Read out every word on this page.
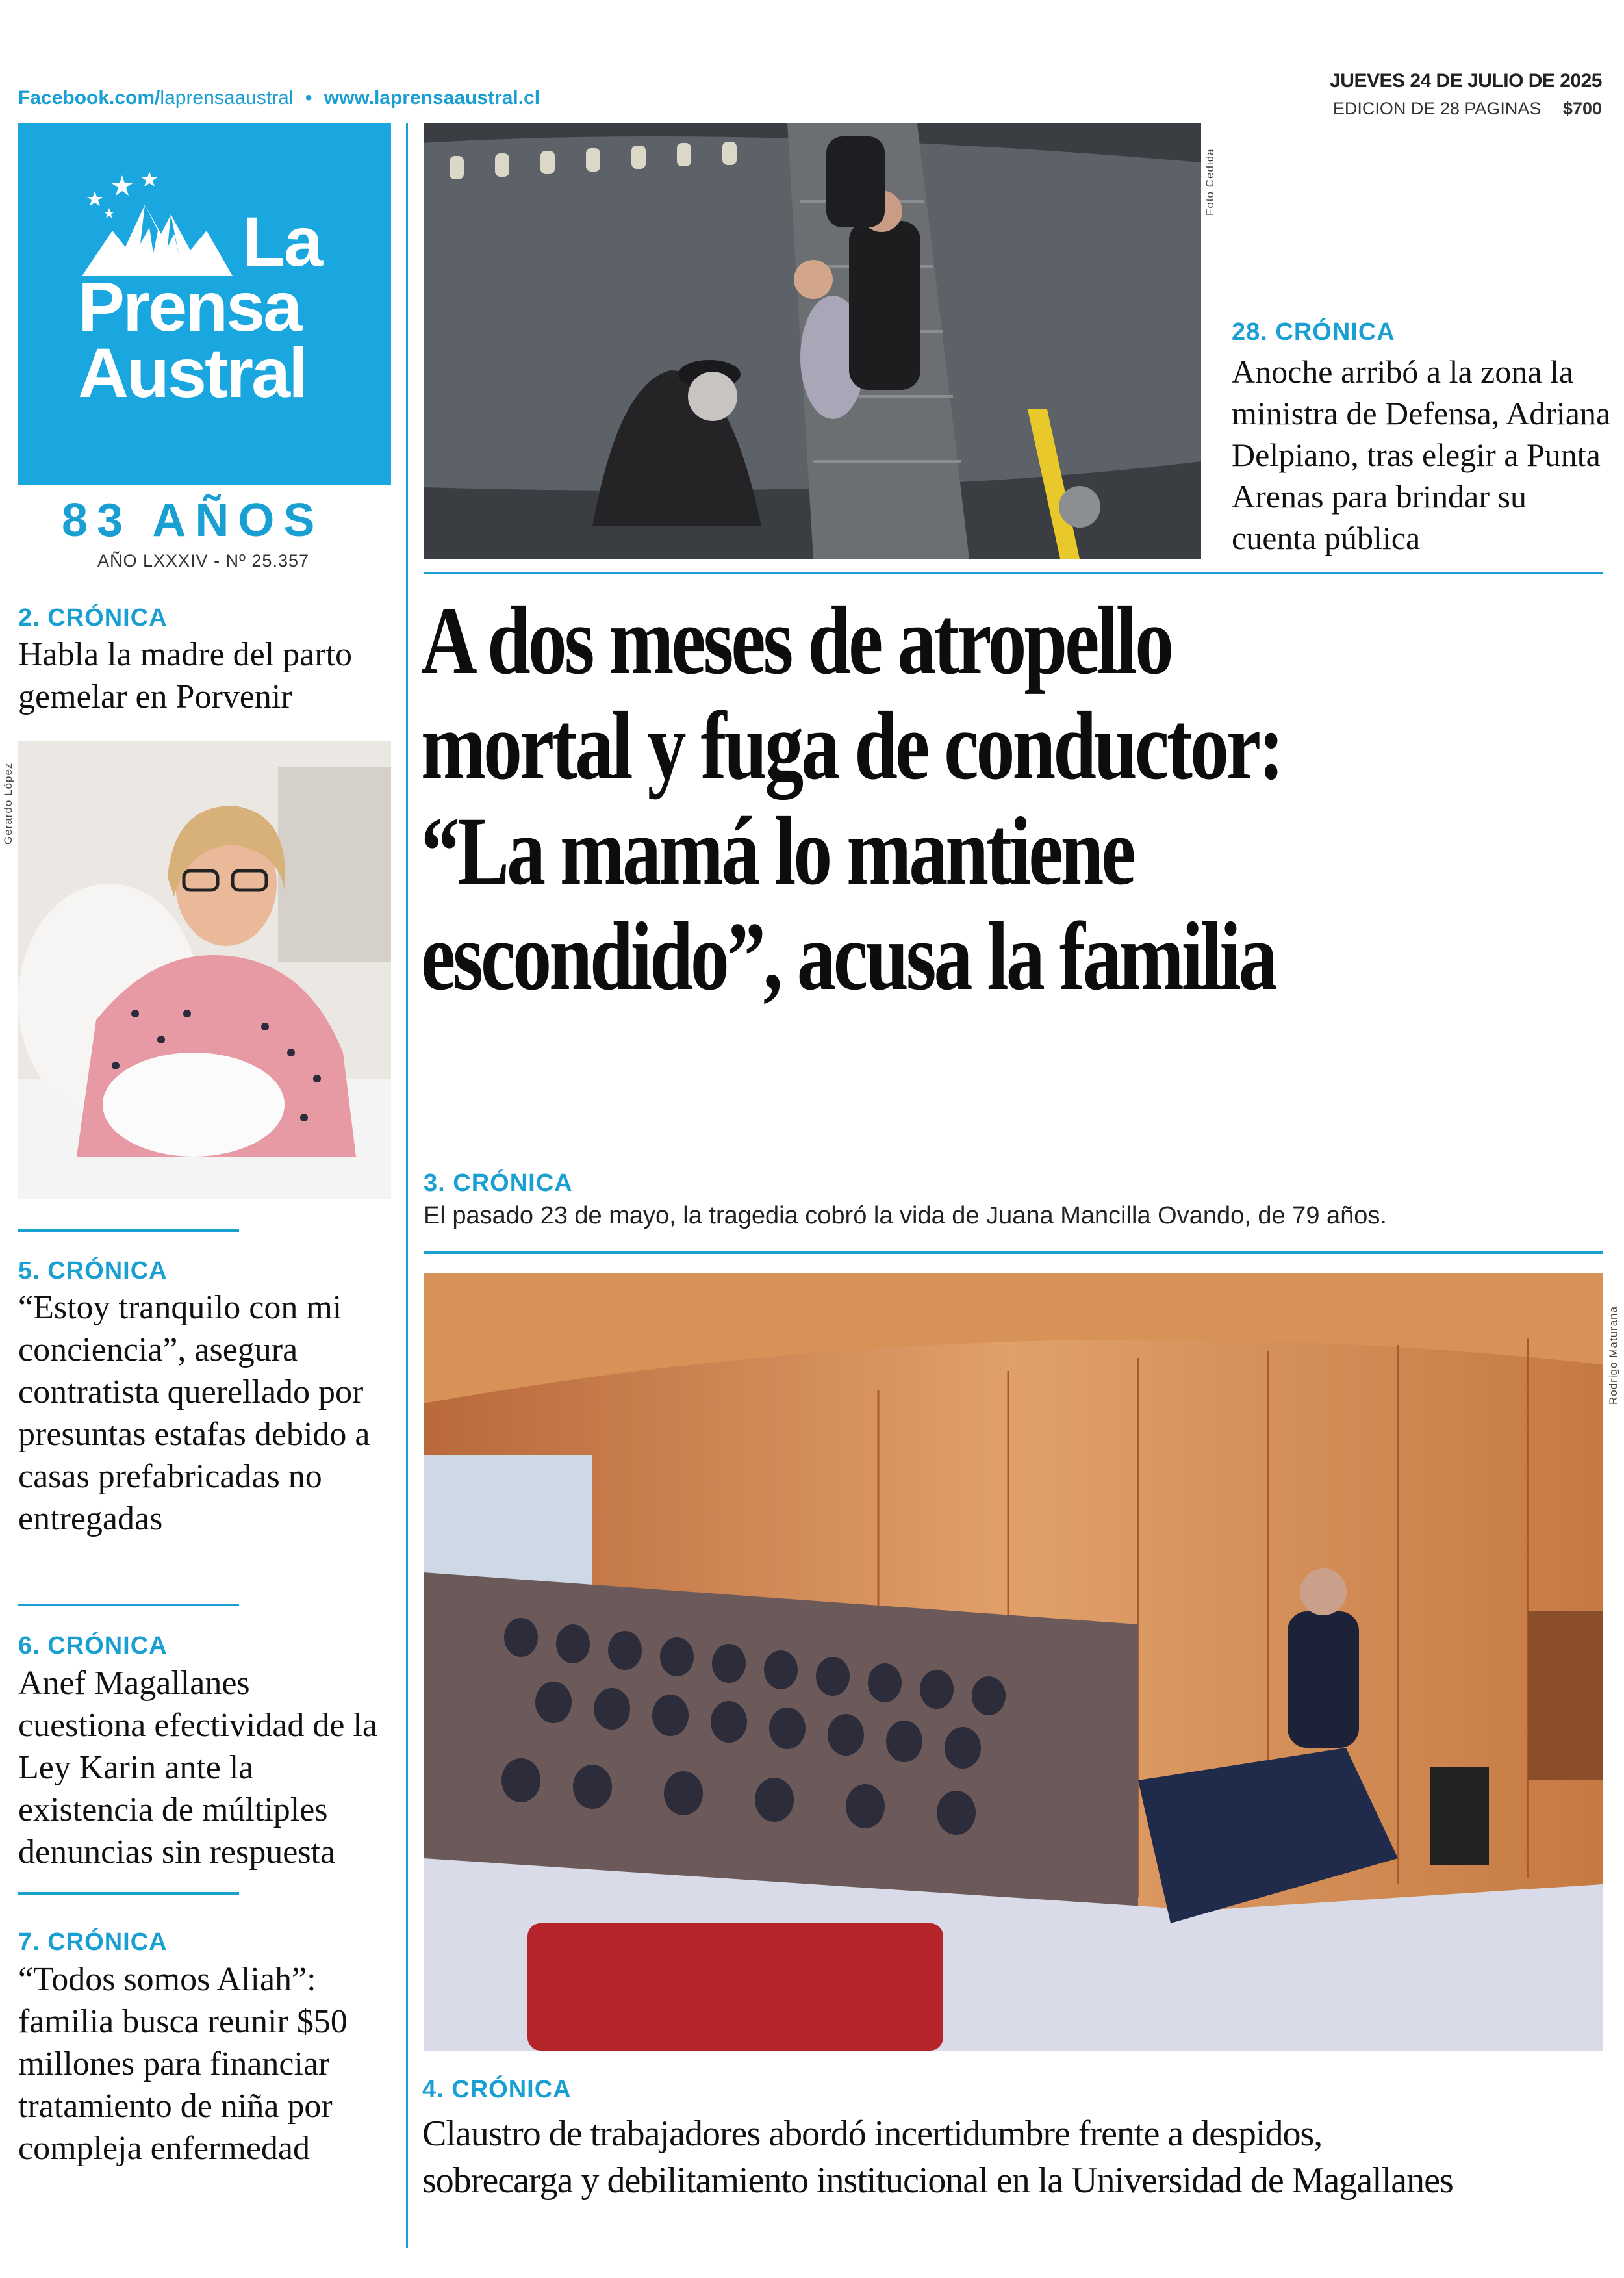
Facebook.com/laprensaaustral • www.laprensaaustral.cl
JUEVES 24 DE JULIO DE 2025
EDICION DE 28 PAGINAS $700
La
Prensa
Austral
83 AÑOS
AÑO LXXXIV - Nº 25.357
2. CRÓNICA
Habla la madre del parto gemelar en Porvenir
Gerardo López
5. CRÓNICA
“Estoy tranquilo con mi conciencia”, asegura contratista querellado por presuntas estafas debido a casas prefabricadas no entregadas
6. CRÓNICA
Anef Magallanes cuestiona efectividad de la Ley Karin ante la existencia de múltiples denuncias sin respuesta
7. CRÓNICA
“Todos somos Aliah”: familia busca reunir $50 millones para financiar tratamiento de niña por compleja enfermedad
Foto Cedida
28. CRÓNICA
Anoche arribó a la zona la ministra de Defensa, Adriana Delpiano, tras elegir a Punta Arenas para brindar su cuenta pública
A dos meses de atropello
mortal y fuga de conductor:
“La mamá lo mantiene
escondido”, acusa la familia
3. CRÓNICA
El pasado 23 de mayo, la tragedia cobró la vida de Juana Mancilla Ovando, de 79 años.
Rodrigo Maturana
4. CRÓNICA
Claustro de trabajadores abordó incertidumbre frente a despidos,
sobrecarga y debilitamiento institucional en la Universidad de Magallanes
